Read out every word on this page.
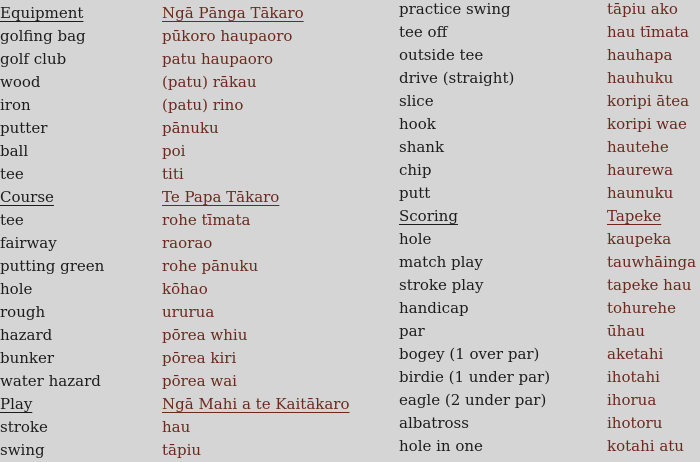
Equipment
golfing bag
golf club
wood
iron
putter
ball
tee
Course
tee
fairway
putting green
hole
rough
hazard
bunker
water hazard
Play
stroke
swing
Ngā Pānga Tākaro
pūkoro haupaoro
patu haupaoro
(patu) rākau
(patu) rino
pānuku
poi
titi
Te Papa Tākaro
rohe tīmata
raorao
rohe pānuku
kōhao
ururua
pōrea whiu
pōrea kiri
pōrea wai
Ngā Mahi a te Kaitākaro
hau
tāpiu
practice swing
tee off
outside tee
drive (straight)
slice
hook
shank
chip
putt
Scoring
hole
match play
stroke play
handicap
par
bogey (1 over par)
birdie (1 under par)
eagle (2 under par)
albatross
hole in one
tāpiu ako
hau tīmata
hauhapa
hauhuku
koripi ātea
koripi wae
hautehe
haurewa
haunuku
Tapeke
kaupeka
tauwhāinga
tapeke hau
tohurehe
ūhau
aketahi
ihotahi
ihorua
ihotoru
kotahi atu
